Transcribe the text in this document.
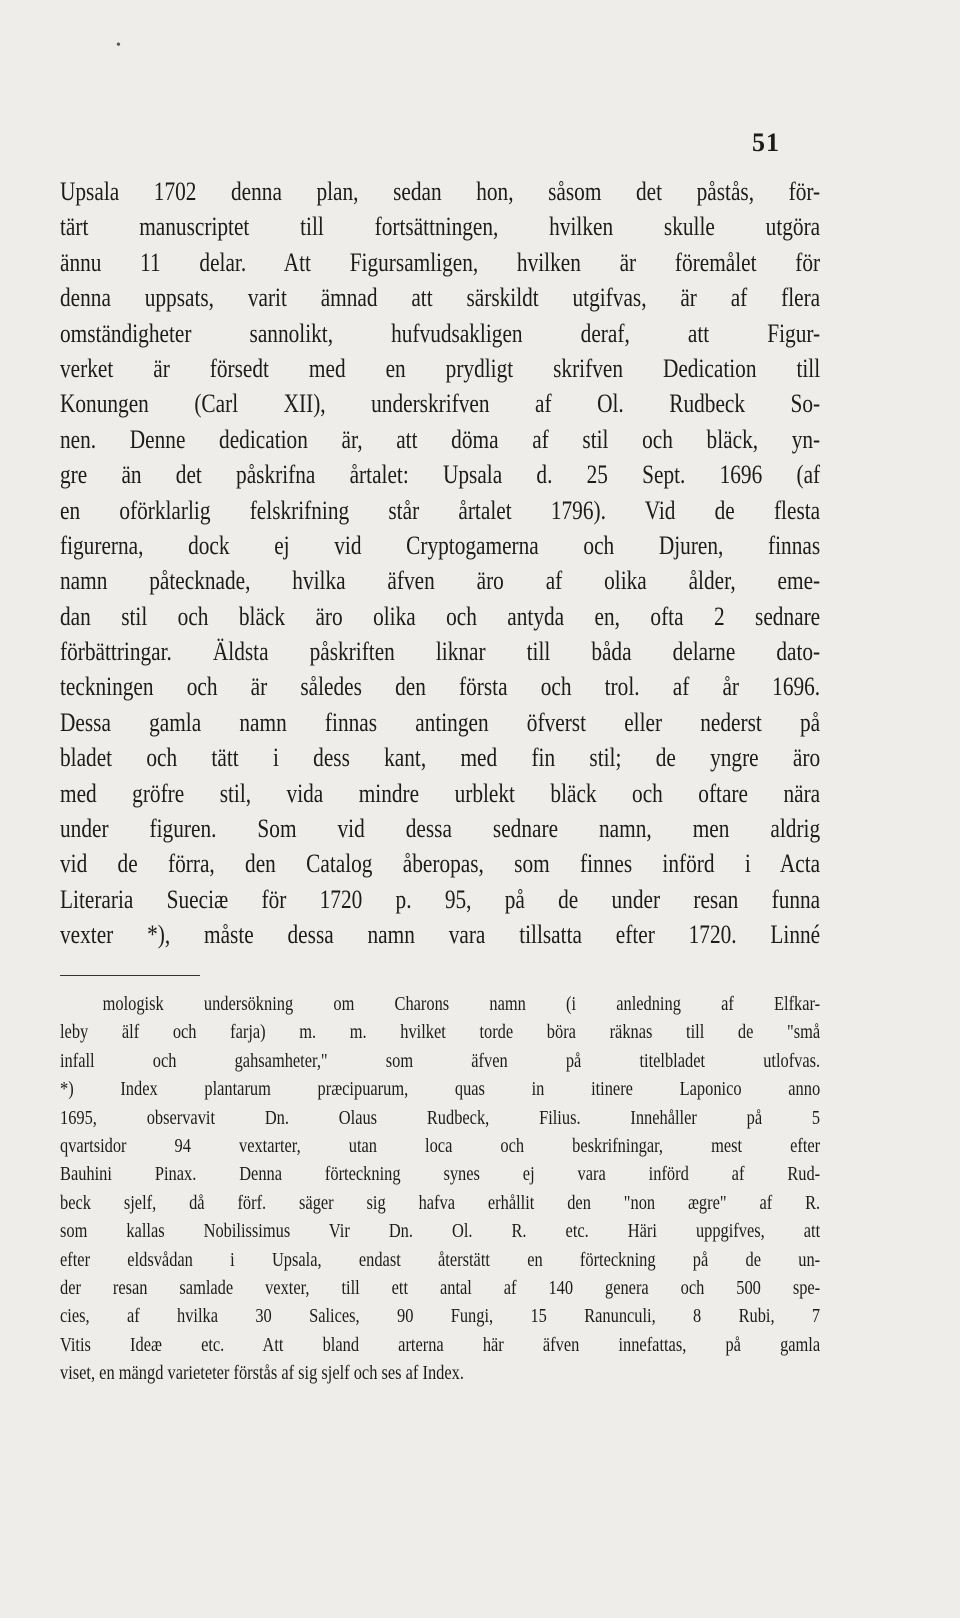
•
51
Upsala 1702 denna plan, sedan hon, såsom det påstås, för-
tärt manuscriptet till fortsättningen, hvilken skulle utgöra
ännu 11 delar. Att Figursamligen, hvilken är föremålet för
denna uppsats, varit ämnad att särskildt utgifvas, är af flera
omständigheter sannolikt, hufvudsakligen deraf, att Figur-
verket är försedt med en prydligt skrifven Dedication till
Konungen (Carl XII), underskrifven af Ol. Rudbeck So-
nen. Denne dedication är, att döma af stil och bläck, yn-
gre än det påskrifna årtalet: Upsala d. 25 Sept. 1696 (af
en oförklarlig felskrifning står årtalet 1796). Vid de flesta
figurerna, dock ej vid Cryptogamerna och Djuren, finnas
namn påtecknade, hvilka äfven äro af olika ålder, eme-
dan stil och bläck äro olika och antyda en, ofta 2 sednare
förbättringar. Äldsta påskriften liknar till båda delarne dato-
teckningen och är således den första och trol. af år 1696.
Dessa gamla namn finnas antingen öfverst eller nederst på
bladet och tätt i dess kant, med fin stil; de yngre äro
med gröfre stil, vida mindre urblekt bläck och oftare nära
under figuren. Som vid dessa sednare namn, men aldrig
vid de förra, den Catalog åberopas, som finnes införd i Acta
Literaria Sueciæ för 1720 p. 95, på de under resan funna
vexter *), måste dessa namn vara tillsatta efter 1720. Linné
mologisk undersökning om Charons namn (i anledning af Elfkar-
leby älf och farja) m. m. hvilket torde böra räknas till de "små
infall och gahsamheter," som äfven på titelbladet utlofvas.
*) Index plantarum præcipuarum, quas in itinere Laponico anno
1695, observavit Dn. Olaus Rudbeck, Filius. Innehåller på 5
qvartsidor 94 vextarter, utan loca och beskrifningar, mest efter
Bauhini Pinax. Denna förteckning synes ej vara införd af Rud-
beck sjelf, då förf. säger sig hafva erhållit den "non ægre" af R.
som kallas Nobilissimus Vir Dn. Ol. R. etc. Häri uppgifves, att
efter eldsvådan i Upsala, endast återstätt en förteckning på de un-
der resan samlade vexter, till ett antal af 140 genera och 500 spe-
cies, af hvilka 30 Salices, 90 Fungi, 15 Ranunculi, 8 Rubi, 7
Vitis Ideæ etc. Att bland arterna här äfven innefattas, på gamla
viset, en mängd varieteter förstås af sig sjelf och ses af Index.
